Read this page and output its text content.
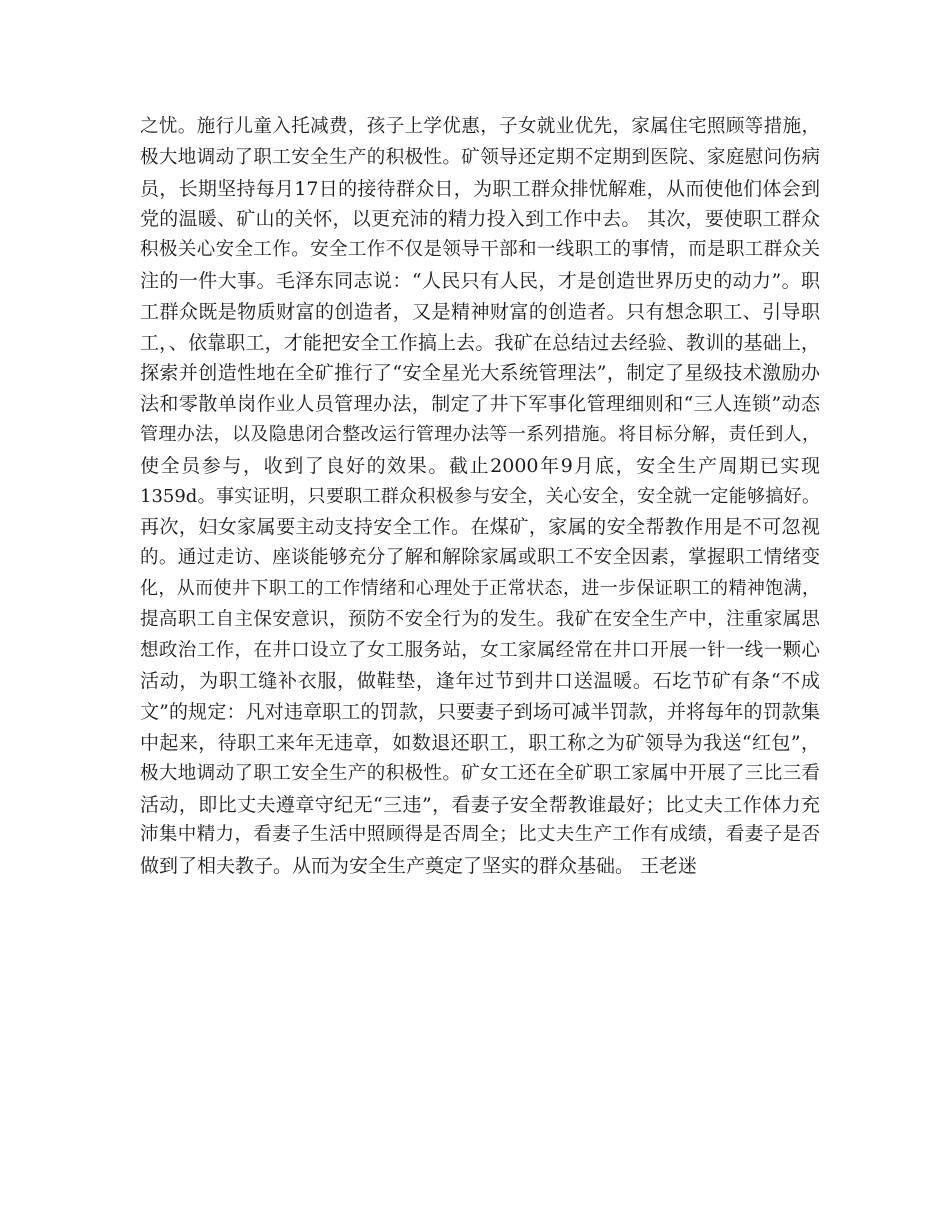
之忧。施行儿童入托减费，孩子上学优惠，子女就业优先，家属住宅照顾等措施，
极大地调动了职工安全生产的积极性。矿领导还定期不定期到医院、家庭慰问伤病
员，长期坚持每月17日的接待群众日，为职工群众排忧解难，从而使他们体会到
党的温暖、矿山的关怀，以更充沛的精力投入到工作中去。 其次，要使职工群众
积极关心安全工作。安全工作不仅是领导干部和一线职工的事情，而是职工群众关
注的一件大事。毛泽东同志说：“人民只有人民，才是创造世界历史的动力”。职
工群众既是物质财富的创造者，又是精神财富的创造者。只有想念职工、引导职
工，、依靠职工，才能把安全工作搞上去。我矿在总结过去经验、教训的基础上，
探索并创造性地在全矿推行了“安全星光大系统管理法”，制定了星级技术激励办
法和零散单岗作业人员管理办法，制定了井下军事化管理细则和“三人连锁”动态
管理办法，以及隐患闭合整改运行管理办法等一系列措施。将目标分解，责任到人，
使全员参与，收到了良好的效果。截止2000年9月底，安全生产周期已实现
1359d。事实证明，只要职工群众积极参与安全，关心安全，安全就一定能够搞好。
再次，妇女家属要主动支持安全工作。在煤矿，家属的安全帮教作用是不可忽视
的。通过走访、座谈能够充分了解和解除家属或职工不安全因素，掌握职工情绪变
化，从而使井下职工的工作情绪和心理处于正常状态，进一步保证职工的精神饱满，
提高职工自主保安意识，预防不安全行为的发生。我矿在安全生产中，注重家属思
想政治工作，在井口设立了女工服务站，女工家属经常在井口开展一针一线一颗心
活动，为职工缝补衣服，做鞋垫，逢年过节到井口送温暖。石圪节矿有条“不成
文”的规定：凡对违章职工的罚款，只要妻子到场可减半罚款，并将每年的罚款集
中起来，待职工来年无违章，如数退还职工，职工称之为矿领导为我送“红包”，
极大地调动了职工安全生产的积极性。矿女工还在全矿职工家属中开展了三比三看
活动，即比丈夫遵章守纪无“三违”，看妻子安全帮教谁最好；比丈夫工作体力充
沛集中精力，看妻子生活中照顾得是否周全；比丈夫生产工作有成绩，看妻子是否
做到了相夫教子。从而为安全生产奠定了坚实的群众基础。 王老迷
